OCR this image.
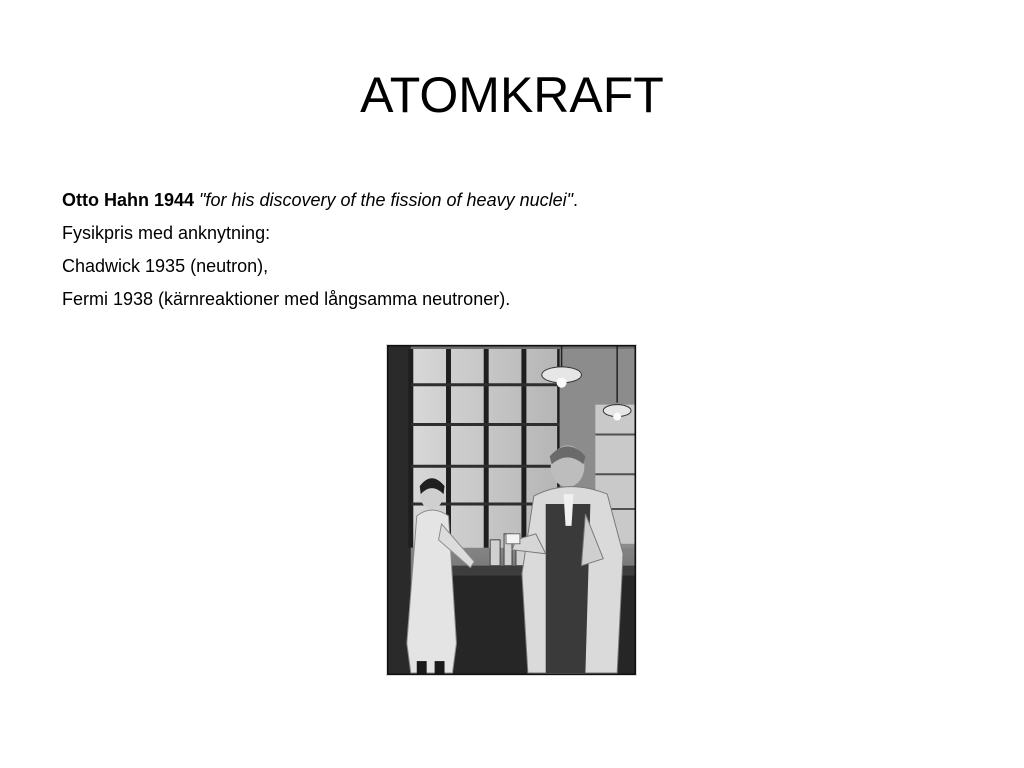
ATOMKRAFT

Otto Hahn 1944 "for his discovery of the fission of heavy nuclei".

Fysikpris med anknytning:

Chadwick 1935 (neutron),

Fermi 1938 (kärnreaktioner med långsamma neutroner).
